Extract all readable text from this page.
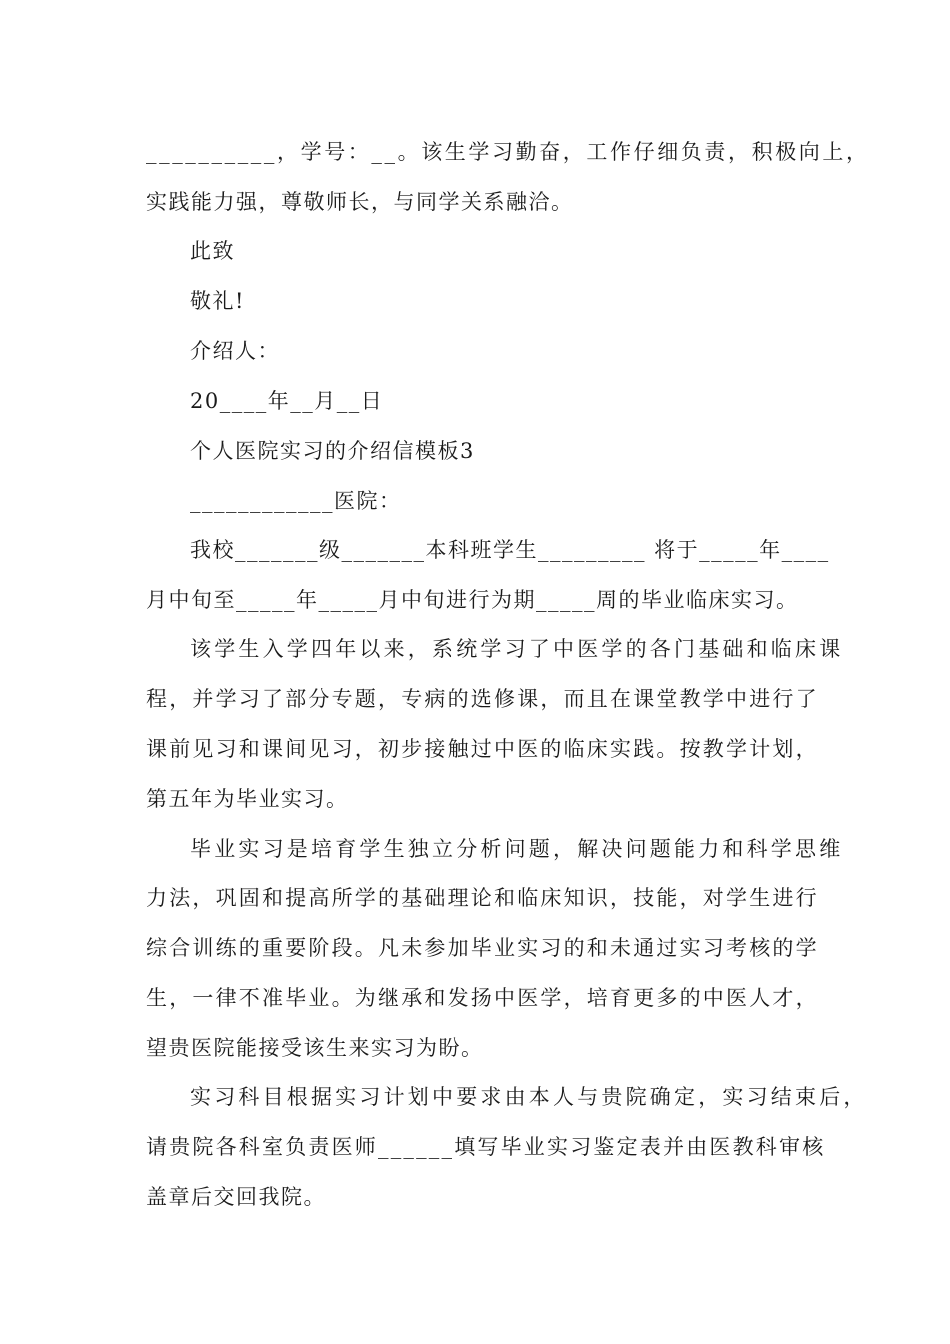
__________，学号：__。该生学习勤奋，工作仔细负责，积极向上，
实践能力强，尊敬师长，与同学关系融洽。
此致
敬礼!
介绍人：
20____年__月__日
个人医院实习的介绍信模板3
____________医院：
我校_______级_______本科班学生_________ 将于_____年____
月中旬至_____年_____月中旬进行为期_____周的毕业临床实习。
该学生入学四年以来，系统学习了中医学的各门基础和临床课
程，并学习了部分专题，专病的选修课，而且在课堂教学中进行了
课前见习和课间见习，初步接触过中医的临床实践。按教学计划，
第五年为毕业实习。
毕业实习是培育学生独立分析问题，解决问题能力和科学思维
力法，巩固和提高所学的基础理论和临床知识，技能，对学生进行
综合训练的重要阶段。凡未参加毕业实习的和未通过实习考核的学
生，一律不准毕业。为继承和发扬中医学，培育更多的中医人才，
望贵医院能接受该生来实习为盼。
实习科目根据实习计划中要求由本人与贵院确定，实习结束后，
请贵院各科室负责医师______填写毕业实习鉴定表并由医教科审核
盖章后交回我院。
